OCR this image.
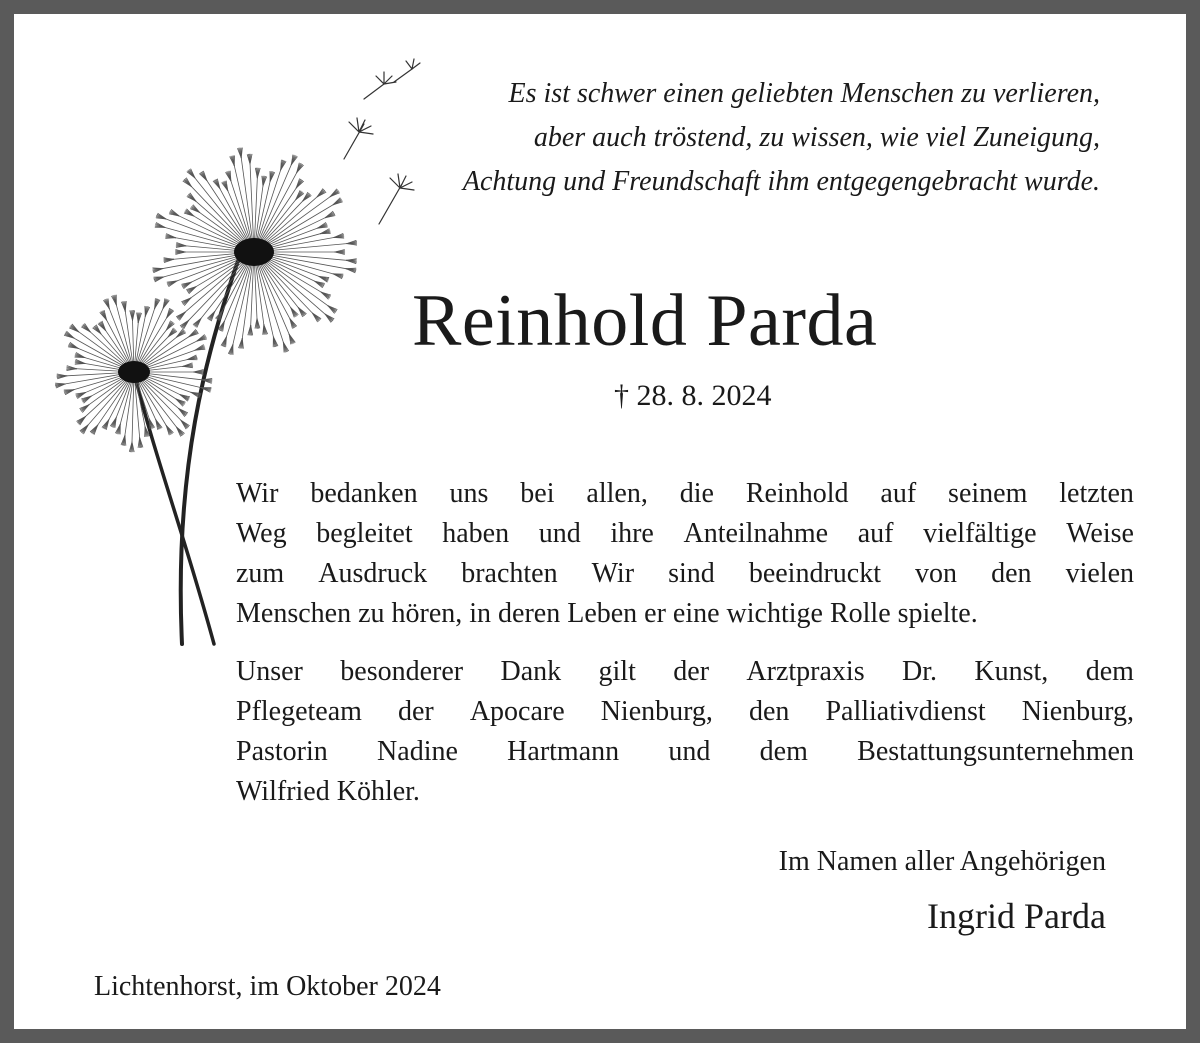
Es ist schwer einen geliebten Menschen zu verlieren,
aber auch tröstend, zu wissen, wie viel Zuneigung,
Achtung und Freundschaft ihm entgegengebracht wurde.
Reinhold Parda
† 28. 8. 2024
Wir bedanken uns bei allen, die Reinhold auf seinem letzten
Weg begleitet haben und ihre Anteilnahme auf vielfältige Weise
zum Ausdruck brachten Wir sind beeindruckt von den vielen
Menschen zu hören, in deren Leben er eine wichtige Rolle spielte.
Unser besonderer Dank gilt der Arztpraxis Dr. Kunst, dem
Pflegeteam der Apocare Nienburg, den Palliativdienst Nienburg,
Pastorin Nadine Hartmann und dem Bestattungsunternehmen
Wilfried Köhler.
Im Namen aller Angehörigen
Ingrid Parda
Lichtenhorst, im Oktober 2024
